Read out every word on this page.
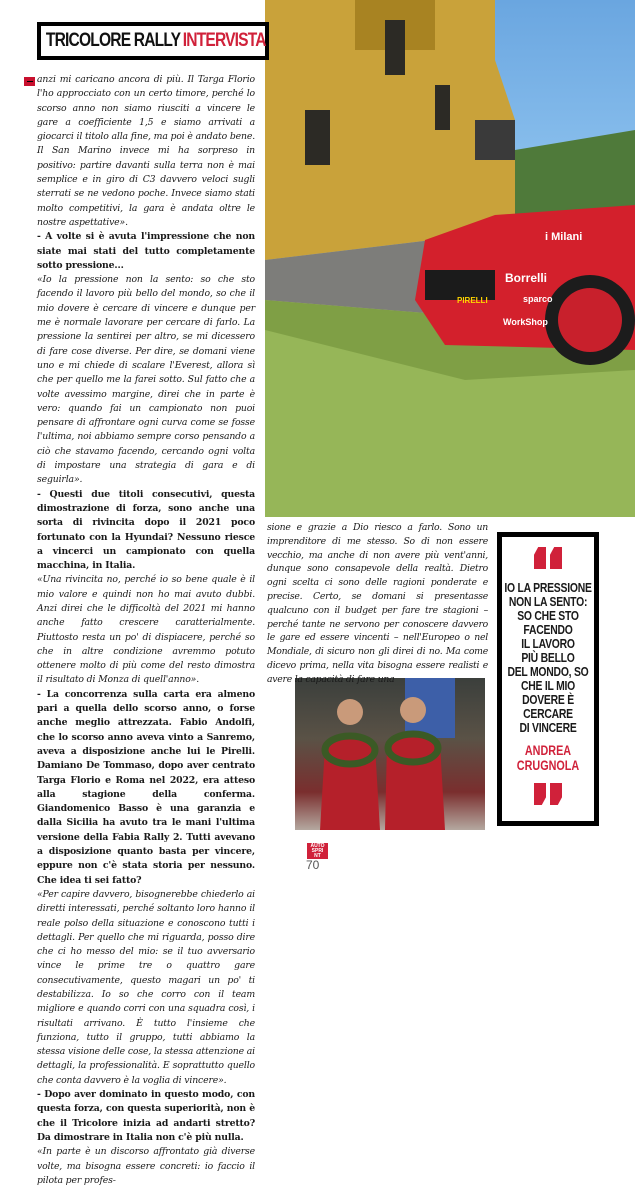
TRICOLORE RALLY INTERVISTA

anzi mi caricano ancora di più. Il Targa Florio l'ho approcciato con un certo timore, perché lo scorso anno non siamo riusciti a vincere le gare a coefficiente 1,5 e siamo arrivati a giocarci il titolo alla fine, ma poi è andato bene. Il San Marino invece mi ha sorpreso in positivo: partire davanti sulla terra non è mai semplice e in giro di C3 davvero veloci sugli sterrati se ne vedono poche. Invece siamo stati molto competitivi, la gara è andata oltre le nostre aspettative».

- A volte si è avuta l'impressione che non siate mai stati del tutto completamente sotto pressione...

«Io la pressione non la sento: so che sto facendo il lavoro più bello del mondo, so che il mio dovere è cercare di vincere e dunque per me è normale lavorare per cercare di farlo. La pressione la sentirei per altro, se mi dicessero di fare cose diverse. Per dire, se domani viene uno e mi chiede di scalare l'Everest, allora sì che per quello me la farei sotto. Sul fatto che a volte avessimo margine, direi che in parte è vero: quando fai un campionato non puoi pensare di affrontare ogni curva come se fosse l'ultima, noi abbiamo sempre corso pensando a ciò che stavamo facendo, cercando ogni volta di impostare una strategia di gara e di seguirla».

- Questi due titoli consecutivi, questa dimostrazione di forza, sono anche una sorta di rivincita dopo il 2021 poco fortunato con la Hyundai? Nessuno riesce a vincerci un campionato con quella macchina, in Italia.

«Una rivincita no, perché io so bene quale è il mio valore e quindi non ho mai avuto dubbi. Anzi direi che le difficoltà del 2021 mi hanno anche fatto crescere caratterialmente. Piuttosto resta un po' di dispiacere, perché so che in altre condizione avremmo potuto ottenere molto di più come del resto dimostra il risultato di Monza di quell'anno».

- La concorrenza sulla carta era almeno pari a quella dello scorso anno, o forse anche meglio attrezzata. Fabio Andolfi, che lo scorso anno aveva vinto a Sanremo, aveva a disposizione anche lui le Pirelli. Damiano De Tommaso, dopo aver centrato Targa Florio e Roma nel 2022, era atteso alla stagione della conferma. Giandomenico Basso è una garanzia e dalla Sicilia ha avuto tra le mani l'ultima versione della Fabia Rally 2. Tutti avevano a disposizione quanto basta per vincere, eppure non c'è stata storia per nessuno. Che idea ti sei fatto?

«Per capire davvero, bisognerebbe chiederlo ai diretti interessati, perché soltanto loro hanno il reale polso della situazione e conoscono tutti i dettagli. Per quello che mi riguarda, posso dire che ci ho messo del mio: se il tuo avversario vince le prime tre o quattro gare consecutivamente, questo magari un po' ti destabilizza. Io so che corro con il team migliore e quando corri con una squadra così, i risultati arrivano. È tutto l'insieme che funziona, tutto il gruppo, tutti abbiamo la stessa visione delle cose, la stessa attenzione ai dettagli, la professionalità. E soprattutto quello che conta davvero è la voglia di vincere».

- Dopo aver dominato in questo modo, con questa forza, con questa superiorità, non è che il Tricolore inizia ad andarti stretto? Da dimostrare in Italia non c'è più nulla.

«In parte è un discorso affrontato già diverse volte, ma bisogna essere concreti: io faccio il pilota per profes-

i Milani
Borrelli
PIRELLI	sparco
WorkShop

sione e grazie a Dio riesco a farlo. Sono un imprenditore di me stesso. So di non essere vecchio, ma anche di non avere più vent'anni, dunque sono consapevole della realtà. Dietro ogni scelta ci sono delle ragioni ponderate e precise. Certo, se domani si presentasse qualcuno con il budget per fare tre stagioni – perché tante ne servono per conoscere davvero le gare ed essere vincenti – nell'Europeo o nel Mondiale, di sicuro non gli direi di no. Ma come dicevo prima, nella vita bisogna essere realisti e avere la capacità di fare una

IO LA PRESSIONE
NON LA SENTO:
SO CHE STO
FACENDO
IL LAVORO
PIÙ BELLO
DEL MONDO, SO
CHE IL MIO
DOVERE È
CERCARE
DI VINCERE
ANDREA
CRUGNOLA
AUTO
SPRI
NT
70
